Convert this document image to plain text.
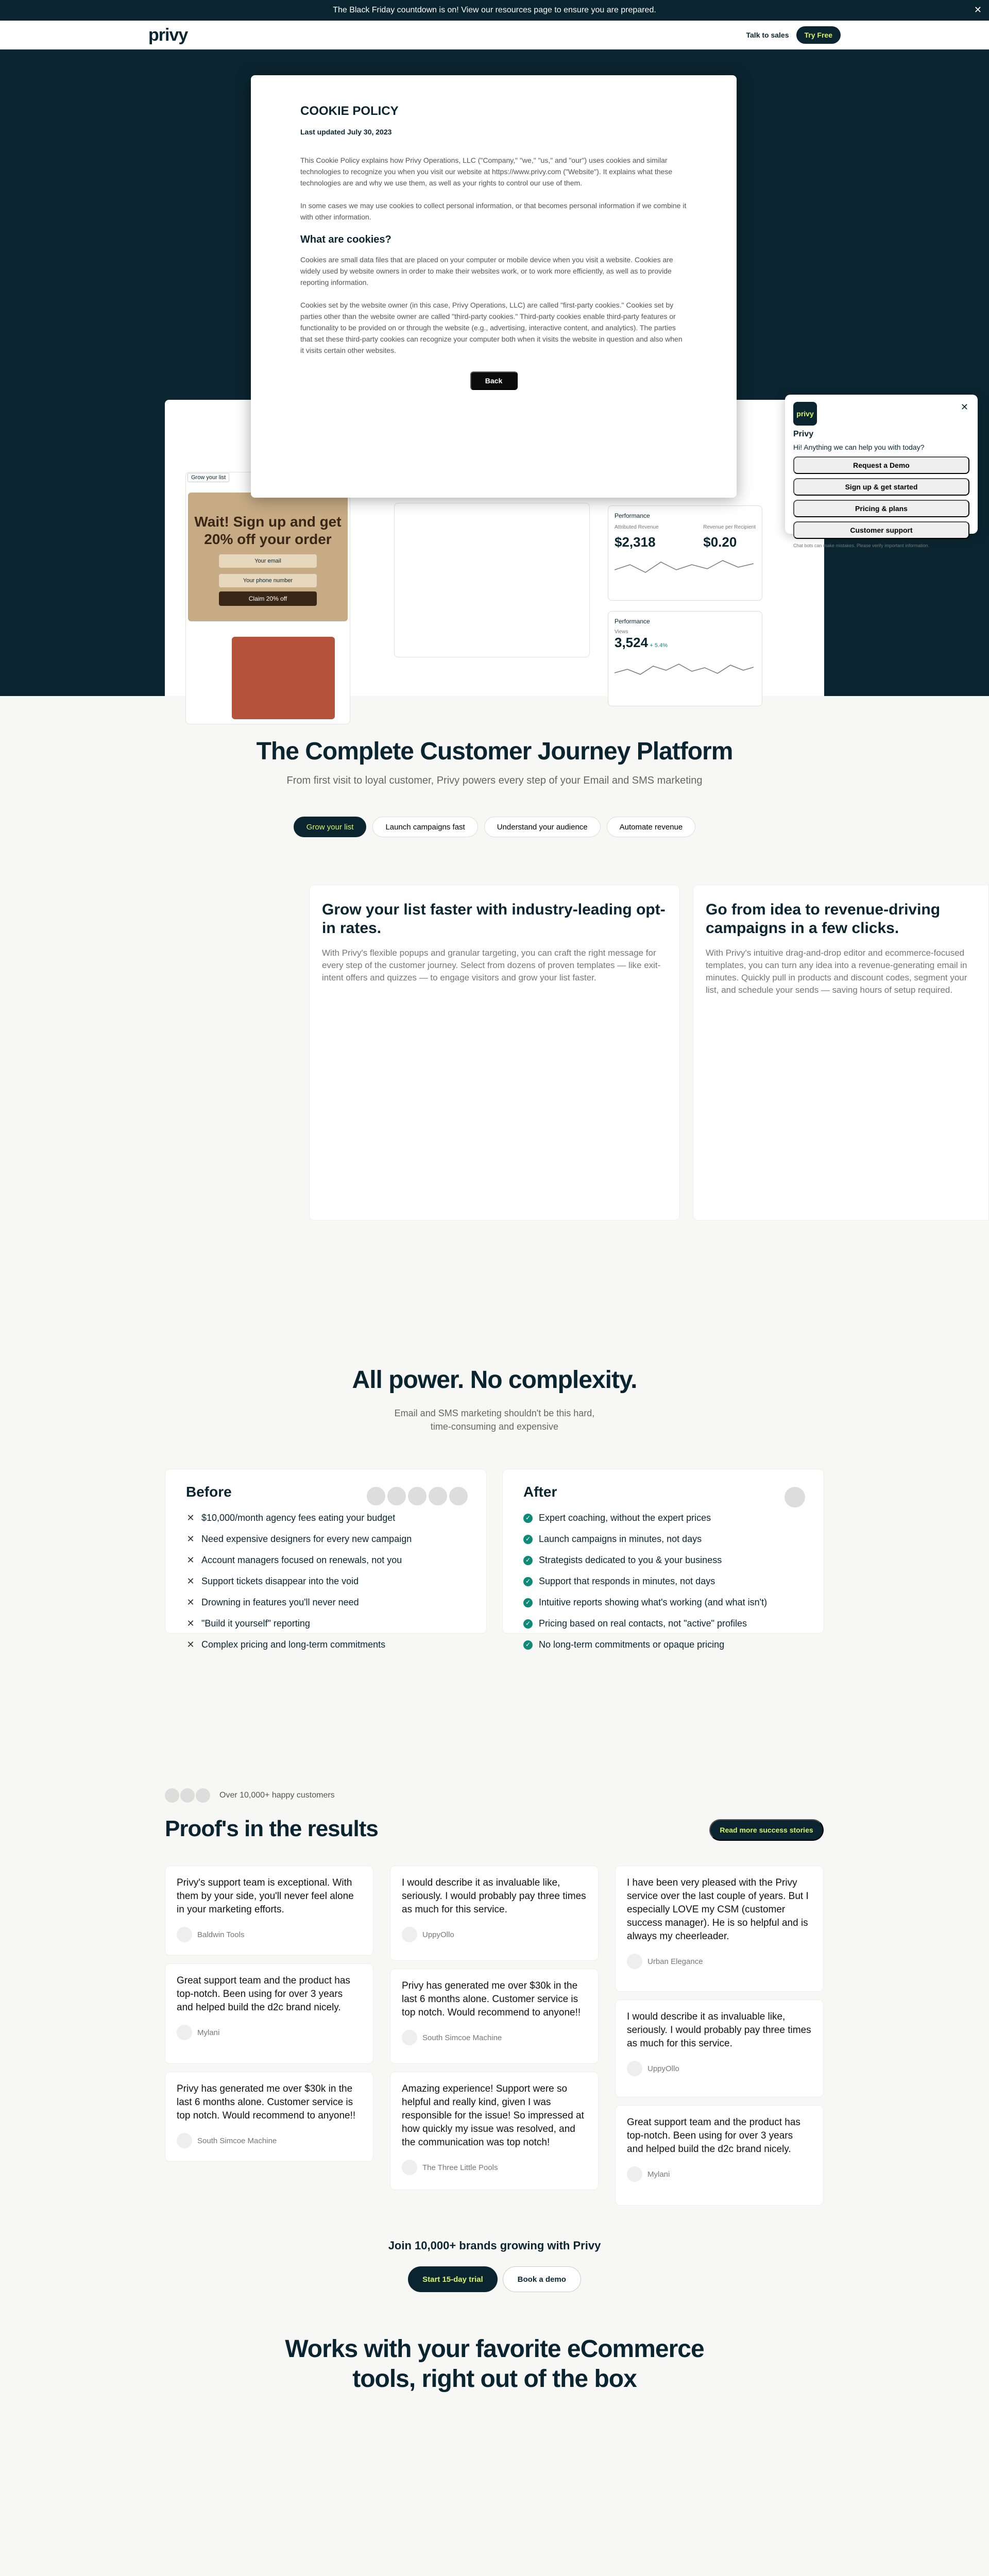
The Black Friday countdown is on! View our resources page to ensure you are prepared.	✕
privy	Talk to sales	Try Free
Grow your list
Wait! Sign up and get 20% off your order
Your email
Your phone number
Claim 20% off
Performance
Attributed Revenue
$2,318
Revenue per Recipient
$0.20
Performance
Views
3,524 + 5.4%
COOKIE POLICY
Last updated July 30, 2023

This Cookie Policy explains how Privy Operations, LLC ("Company," "we," "us," and "our") uses cookies and similar technologies to recognize you when you visit our website at https://www.privy.com ("Website"). It explains what these technologies are and why we use them, as well as your rights to control our use of them.

In some cases we may use cookies to collect personal information, or that becomes personal information if we combine it with other information.

What are cookies?

Cookies are small data files that are placed on your computer or mobile device when you visit a website. Cookies are widely used by website owners in order to make their websites work, or to work more efficiently, as well as to provide reporting information.

Cookies set by the website owner (in this case, Privy Operations, LLC) are called "first-party cookies." Cookies set by parties other than the website owner are called "third-party cookies." Third-party cookies enable third-party features or functionality to be provided on or through the website (e.g., advertising, interactive content, and analytics). The parties that set these third-party cookies can recognize your computer both when it visits the website in question and also when it visits certain other websites.

Back
✕
privy
Privy
Hi! Anything we can help you with today?
Request a Demo
Sign up & get started
Pricing & plans
Customer support
Chat bots can make mistakes. Please verify important information.
The Complete Customer Journey Platform
From first visit to loyal customer, Privy powers every step of your Email and SMS marketing
Grow your list	Launch campaigns fast	Understand your audience	Automate revenue
Grow your list faster with industry-leading opt-in rates.

With Privy's flexible popups and granular targeting, you can craft the right message for every step of the customer journey. Select from dozens of proven templates — like exit-intent offers and quizzes — to engage visitors and grow your list faster.

Go from idea to revenue-driving campaigns in a few clicks.

With Privy's intuitive drag-and-drop editor and ecommerce-focused templates, you can turn any idea into a revenue-generating email in minutes. Quickly pull in products and discount codes, segment your list, and schedule your sends — saving hours of setup required.

All power. No complexity.
Email and SMS marketing shouldn't be this hard,
time-consuming and expensive
Before
✕ $10,000/month agency fees eating your budget
✕ Need expensive designers for every new campaign
✕ Account managers focused on renewals, not you
✕ Support tickets disappear into the void
✕ Drowning in features you'll never need
✕ "Build it yourself" reporting
✕ Complex pricing and long-term commitments
After
✓ Expert coaching, without the expert prices
✓ Launch campaigns in minutes, not days
✓ Strategists dedicated to you & your business
✓ Support that responds in minutes, not days
✓ Intuitive reports showing what's working (and what isn't)
✓ Pricing based on real contacts, not "active" profiles
✓ No long-term commitments or opaque pricing
Over 10,000+ happy customers
Proof's in the results	Read more success stories

Privy's support team is exceptional. With them by your side, you'll never feel alone in your marketing efforts.

Baldwin Tools

Great support team and the product has top-notch. Been using for over 3 years and helped build the d2c brand nicely.

Mylani

Privy has generated me over $30k in the last 6 months alone. Customer service is top notch. Would recommend to anyone!!

South Simcoe Machine

I would describe it as invaluable like, seriously. I would probably pay three times as much for this service.

UppyOllo

Privy has generated me over $30k in the last 6 months alone. Customer service is top notch. Would recommend to anyone!!

South Simcoe Machine

Amazing experience! Support were so helpful and really kind, given I was responsible for the issue! So impressed at how quickly my issue was resolved, and the communication was top notch!

The Three Little Pools

I have been very pleased with the Privy service over the last couple of years. But I especially LOVE my CSM (customer success manager). He is so helpful and is always my cheerleader.

Urban Elegance

I would describe it as invaluable like, seriously. I would probably pay three times as much for this service.

UppyOllo

Great support team and the product has top-notch. Been using for over 3 years and helped build the d2c brand nicely.

Mylani
Join 10,000+ brands growing with Privy
Start 15-day trial	Book a demo
Works with your favorite eCommerce
tools, right out of the box
